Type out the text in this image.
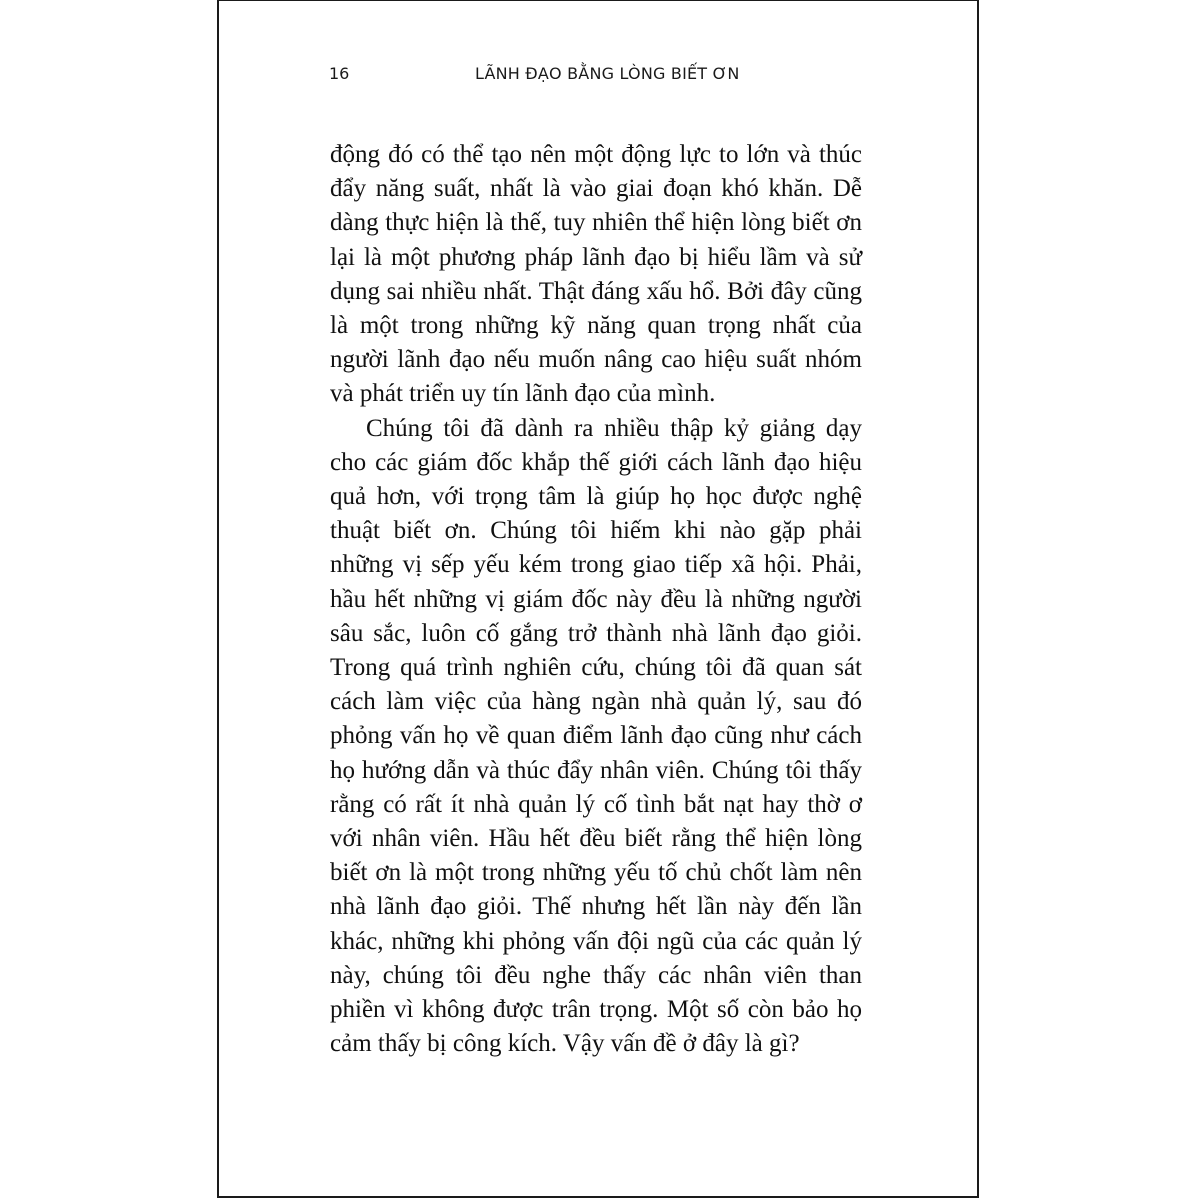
16	LÃNH ĐẠO BẰNG LÒNG BIẾT ƠN

động đó có thể tạo nên một động lực to lớn và thúc đẩy năng suất, nhất là vào giai đoạn khó khăn. Dễ dàng thực hiện là thế, tuy nhiên thể hiện lòng biết ơn lại là một phương pháp lãnh đạo bị hiểu lầm và sử dụng sai nhiều nhất. Thật đáng xấu hổ. Bởi đây cũng là một trong những kỹ năng quan trọng nhất của người lãnh đạo nếu muốn nâng cao hiệu suất nhóm và phát triển uy tín lãnh đạo của mình.

Chúng tôi đã dành ra nhiều thập kỷ giảng dạy cho các giám đốc khắp thế giới cách lãnh đạo hiệu quả hơn, với trọng tâm là giúp họ học được nghệ thuật biết ơn. Chúng tôi hiếm khi nào gặp phải những vị sếp yếu kém trong giao tiếp xã hội. Phải, hầu hết những vị giám đốc này đều là những người sâu sắc, luôn cố gắng trở thành nhà lãnh đạo giỏi. Trong quá trình nghiên cứu, chúng tôi đã quan sát cách làm việc của hàng ngàn nhà quản lý, sau đó phỏng vấn họ về quan điểm lãnh đạo cũng như cách họ hướng dẫn và thúc đẩy nhân viên. Chúng tôi thấy rằng có rất ít nhà quản lý cố tình bắt nạt hay thờ ơ với nhân viên. Hầu hết đều biết rằng thể hiện lòng biết ơn là một trong những yếu tố chủ chốt làm nên nhà lãnh đạo giỏi. Thế nhưng hết lần này đến lần khác, những khi phỏng vấn đội ngũ của các quản lý này, chúng tôi đều nghe thấy các nhân viên than phiền vì không được trân trọng. Một số còn bảo họ cảm thấy bị công kích. Vậy vấn đề ở đây là gì?
